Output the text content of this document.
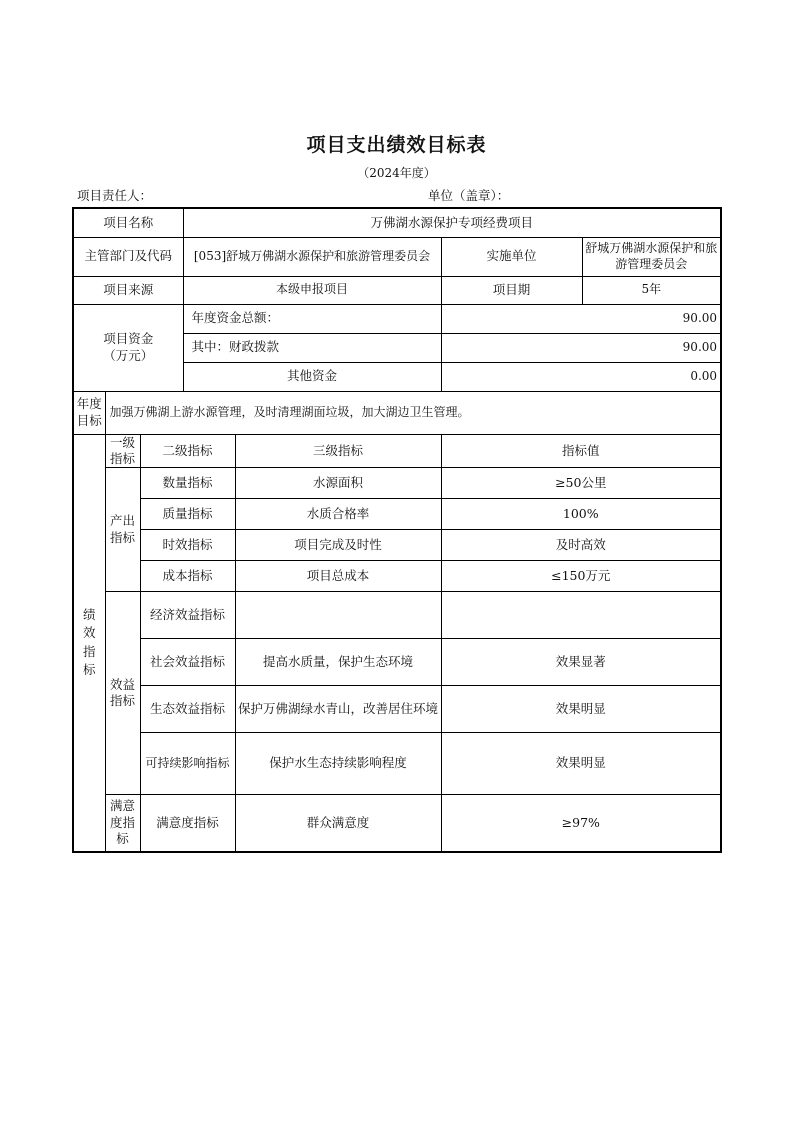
项目支出绩效目标表
（2024年度）
项目责任人：	单位（盖章）：
项目名称			万佛湖水源保护专项经费项目			
主管部门及代码			[053]舒城万佛湖水源保护和旅游管理委员会		实施单位	舒城万佛湖水源保护和旅游管理委员会
项目来源			本级申报项目		项目期	5年

项目资金
（万元）			年度资金总额：		90.00	
			其中：财政拨款		90.00	
			其他资金		0.00	

年度
目标	加强万佛湖上游水源管理，及时清理湖面垃圾，加大湖边卫生管理。					

绩效指标	一级指标	二级指标		三级指标	指标值	
	产出指标	数量指标		水源面积	≥50公里	
		质量指标		水质合格率	100%	
		时效指标		项目完成及时性	及时高效	
		成本指标		项目总成本	≤150万元	
	效益指标	经济效益指标				
		社会效益指标		提高水质量，保护生态环境	效果显著	
		生态效益指标		保护万佛湖绿水青山，改善居住环境	效果明显	
		可持续影响指标		保护水生态持续影响程度	效果明显	

	满意度指标	满意度指标		群众满意度	≥97%	
